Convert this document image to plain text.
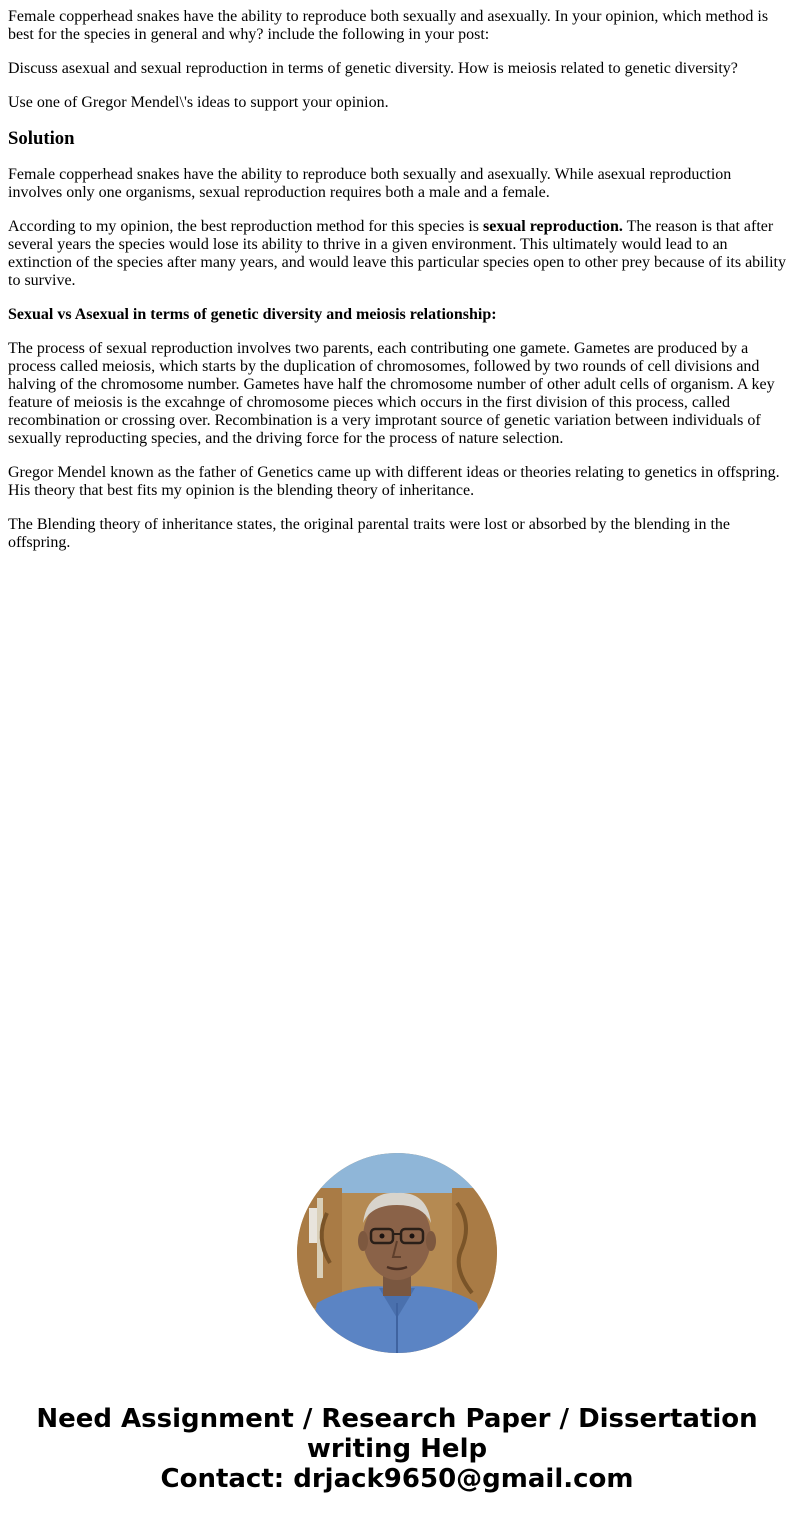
Female copperhead snakes have the ability to reproduce both sexually and asexually. In your opinion, which method is best for the species in general and why? include the following in your post:

Discuss asexual and sexual reproduction in terms of genetic diversity. How is meiosis related to genetic diversity?

Use one of Gregor Mendel\'s ideas to support your opinion.

Solution

Female copperhead snakes have the ability to reproduce both sexually and asexually. While asexual reproduction involves only one organisms, sexual reproduction requires both a male and a female.

According to my opinion, the best reproduction method for this species is sexual reproduction. The reason is that after several years the species would lose its ability to thrive in a given environment. This ultimately would lead to an extinction of the species after many years, and would leave this particular species open to other prey because of its ability to survive.

Sexual vs Asexual in terms of genetic diversity and meiosis relationship:

The process of sexual reproduction involves two parents, each contributing one gamete. Gametes are produced by a process called meiosis, which starts by the duplication of chromosomes, followed by two rounds of cell divisions and halving of the chromosome number. Gametes have half the chromosome number of other adult cells of organism. A key feature of meiosis is the excahnge of chromosome pieces which occurs in the first division of this process, called recombination or crossing over. Recombination is a very improtant source of genetic variation between individuals of sexually reproducting species, and the driving force for the process of nature selection.

Gregor Mendel known as the father of Genetics came up with different ideas or theories relating to genetics in offspring. His theory that best fits my opinion is the blending theory of inheritance.

The Blending theory of inheritance states, the original parental traits were lost or absorbed by the blending in the offspring.

Need Assignment / Research Paper / Dissertation
writing Help
Contact: drjack9650@gmail.com
